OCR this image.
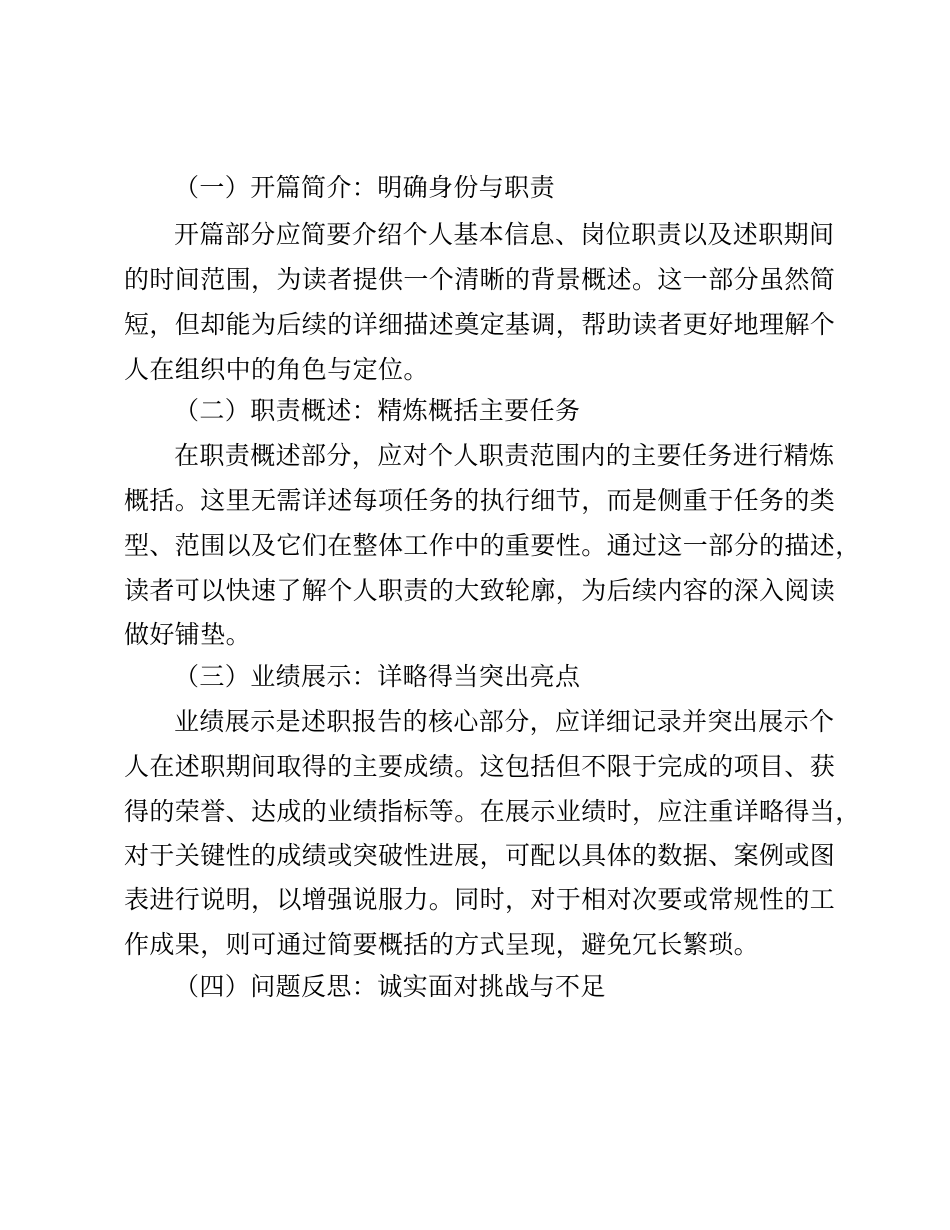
（一）开篇简介：明确身份与职责
开篇部分应简要介绍个人基本信息、岗位职责以及述职期间
的时间范围，为读者提供一个清晰的背景概述。这一部分虽然简
短，但却能为后续的详细描述奠定基调，帮助读者更好地理解个
人在组织中的角色与定位。
（二）职责概述：精炼概括主要任务
在职责概述部分，应对个人职责范围内的主要任务进行精炼
概括。这里无需详述每项任务的执行细节，而是侧重于任务的类
型、范围以及它们在整体工作中的重要性。通过这一部分的描述，
读者可以快速了解个人职责的大致轮廓，为后续内容的深入阅读
做好铺垫。
（三）业绩展示：详略得当突出亮点
业绩展示是述职报告的核心部分，应详细记录并突出展示个
人在述职期间取得的主要成绩。这包括但不限于完成的项目、获
得的荣誉、达成的业绩指标等。在展示业绩时，应注重详略得当，
对于关键性的成绩或突破性进展，可配以具体的数据、案例或图
表进行说明，以增强说服力。同时，对于相对次要或常规性的工
作成果，则可通过简要概括的方式呈现，避免冗长繁琐。
（四）问题反思：诚实面对挑战与不足
